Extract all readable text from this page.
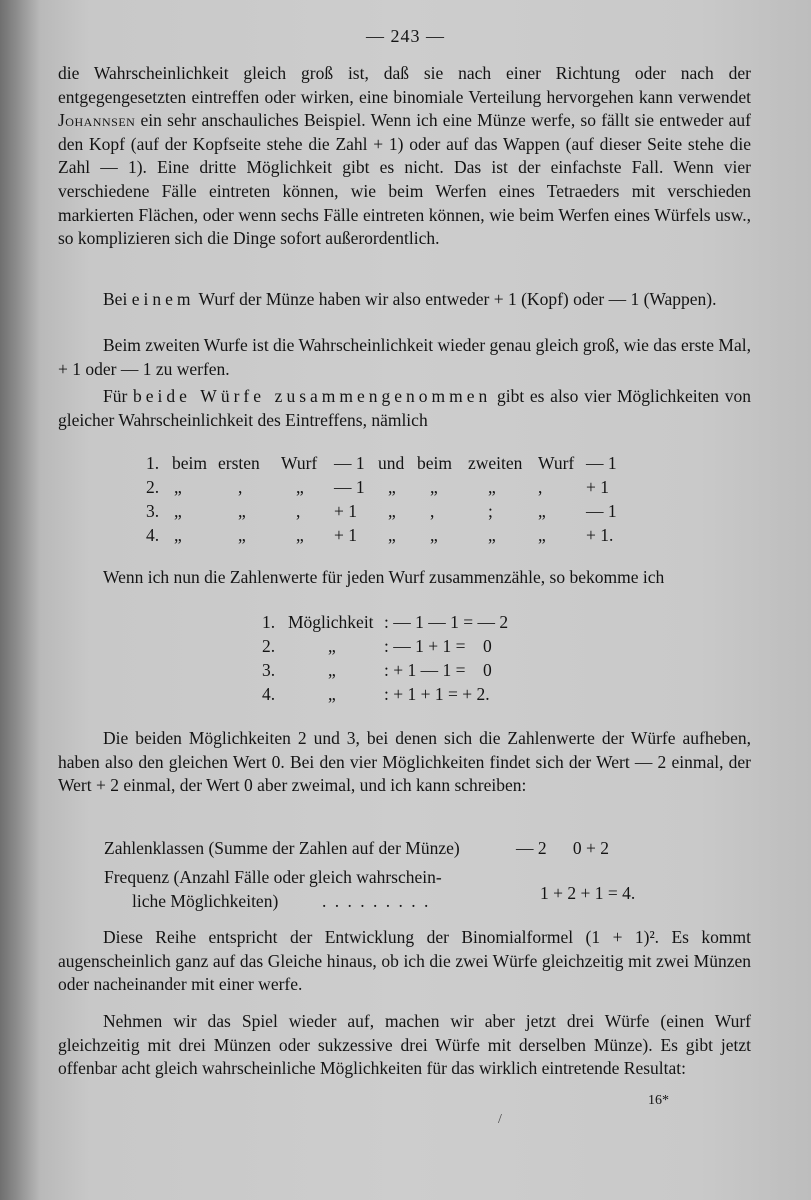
— 243 —
die Wahrscheinlichkeit gleich groß ist, daß sie nach einer Richtung oder nach der entgegengesetzten eintreffen oder wirken, eine binomiale Verteilung hervorgehen kann verwendet Johannsen ein sehr anschauliches Beispiel. Wenn ich eine Münze werfe, so fällt sie entweder auf den Kopf (auf der Kopfseite stehe die Zahl + 1) oder auf das Wappen (auf dieser Seite stehe die Zahl — 1). Eine dritte Möglichkeit gibt es nicht. Das ist der einfachste Fall. Wenn vier verschiedene Fälle eintreten können, wie beim Werfen eines Tetraeders mit verschieden markierten Flächen, oder wenn sechs Fälle eintreten können, wie beim Werfen eines Würfels usw., so komplizieren sich die Dinge sofort außerordentlich.
Bei einem Wurf der Münze haben wir also entweder + 1 (Kopf) oder — 1 (Wappen).
Beim zweiten Wurfe ist die Wahrscheinlichkeit wieder genau gleich groß, wie das erste Mal, + 1 oder — 1 zu werfen.
Für beide Würfe zusammengenommen gibt es also vier Möglichkeiten von gleicher Wahrscheinlichkeit des Eintreffens, nämlich
1. beim ersten Wurf — 1 und beim zweiten Wurf — 1
2. „	,	„ — 1 „ „	„ , + 1
3. „	„	, + 1 „ ,	;	„ — 1
4. „	„	„ + 1 „ „	„ „ + 1.
Wenn ich nun die Zahlenwerte für jeden Wurf zusammenzähle, so bekomme ich
1. Möglichkeit : — 1 — 1 = — 2
2.	„	: — 1 + 1 =    0
3.	„	: + 1 — 1 =    0
4.	„	: + 1 + 1 = + 2.
Die beiden Möglichkeiten 2 und 3, bei denen sich die Zahlenwerte der Würfe aufheben, haben also den gleichen Wert 0. Bei den vier Möglichkeiten findet sich der Wert — 2 einmal, der Wert + 2 einmal, der Wert 0 aber zweimal, und ich kann schreiben:
Zahlenklassen (Summe der Zahlen auf der Münze)	— 2      0 + 2
Frequenz (Anzahl Fälle oder gleich wahrschein-
liche Möglichkeiten) . . . . . . . . .	1 + 2 + 1 = 4.
Diese Reihe entspricht der Entwicklung der Binomialformel (1 + 1)². Es kommt augenscheinlich ganz auf das Gleiche hinaus, ob ich die zwei Würfe gleichzeitig mit zwei Münzen oder nacheinander mit einer werfe.
Nehmen wir das Spiel wieder auf, machen wir aber jetzt drei Würfe (einen Wurf gleichzeitig mit drei Münzen oder sukzessive drei Würfe mit derselben Münze). Es gibt jetzt offenbar acht gleich wahrscheinliche Möglichkeiten für das wirklich eintretende Resultat:
16*
/
